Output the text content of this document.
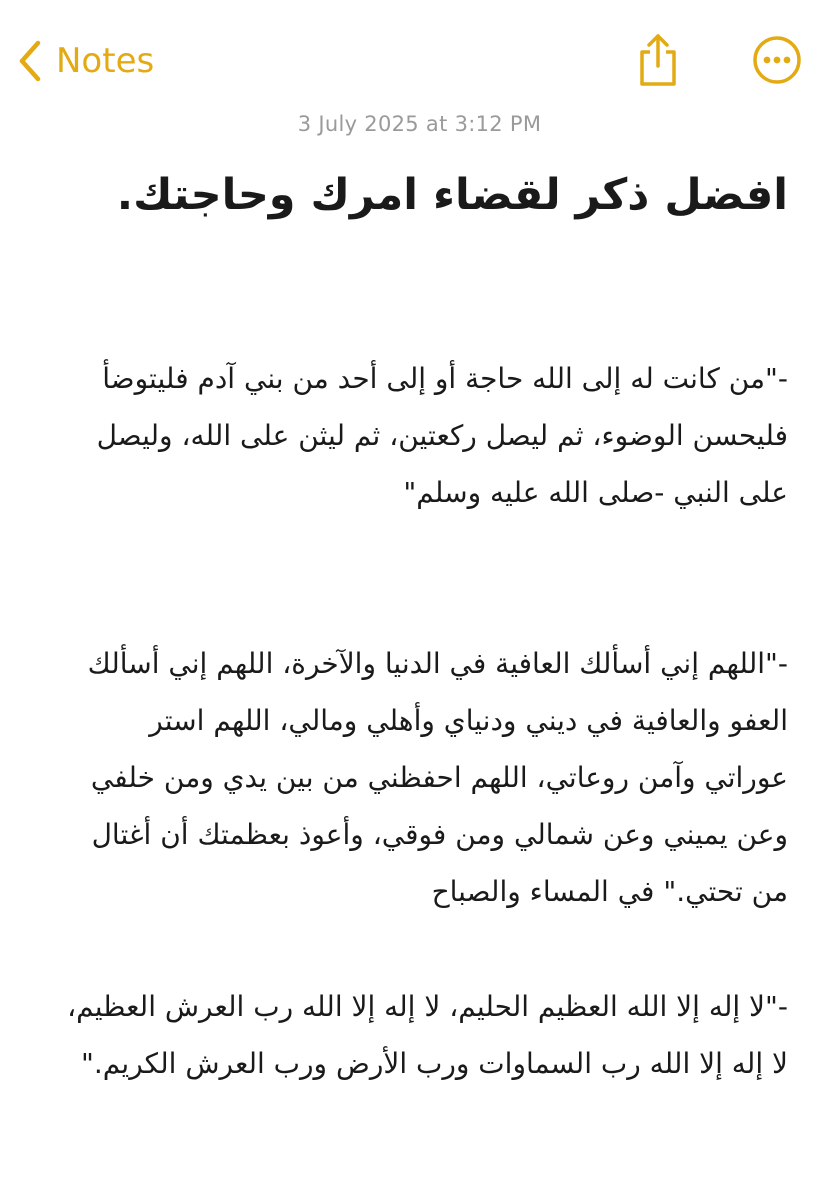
Notes
3 July 2025 at 3:12 PM
افضل ذكر لقضاء امرك وحاجتك.

-"من كانت له إلى الله حاجة أو إلى أحد من بني آدم فليتوضأ فليحسن الوضوء، ثم ليصل ركعتين، ثم ليثن على الله، وليصل على النبي -صلى الله عليه وسلم"

-"اللهم إني أسألك العافية في الدنيا والآخرة، اللهم إني أسألك العفو والعافية في ديني ودنياي وأهلي ومالي، اللهم استر عوراتي وآمن روعاتي، اللهم احفظني من بين يدي ومن خلفي وعن يميني وعن شمالي ومن فوقي، وأعوذ بعظمتك أن أغتال من تحتي." في المساء والصباح

-"لا إله إلا الله العظيم الحليم، لا إله إلا الله رب العرش العظيم، لا إله إلا الله رب السماوات ورب الأرض ورب العرش الكريم."
